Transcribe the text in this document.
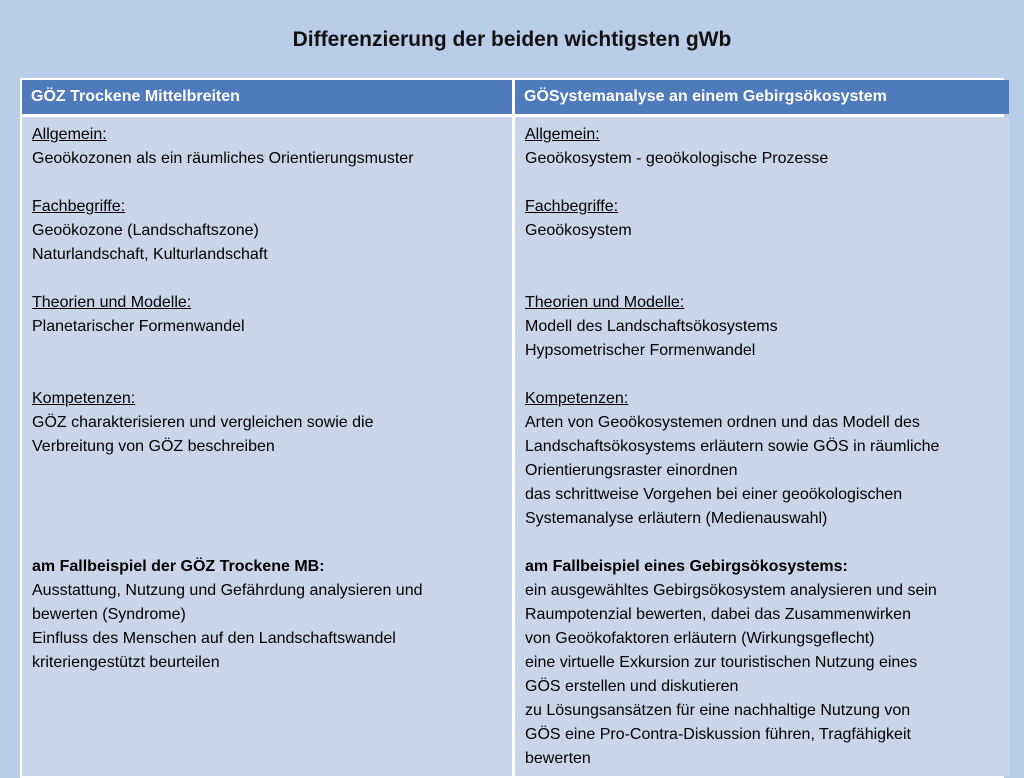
Differenzierung der beiden wichtigsten gWb
GÖZ Trockene Mittelbreiten	GÖSystemanalyse an einem Gebirgsökosystem
Allgemein:
Geoökozonen als ein räumliches Orientierungsmuster
Fachbegriffe:
Geoökozone (Landschaftszone)
Naturlandschaft, Kulturlandschaft
Theorien und Modelle:
Planetarischer Formenwandel
Kompetenzen:
GÖZ charakterisieren und vergleichen sowie die
Verbreitung von GÖZ beschreiben
am Fallbeispiel der GÖZ Trockene MB:
Ausstattung, Nutzung und Gefährdung analysieren und
bewerten (Syndrome)
Einfluss des Menschen auf den Landschaftswandel
kriteriengestützt beurteilen
Allgemein:
Geoökosystem - geoökologische Prozesse
Fachbegriffe:
Geoökosystem
Theorien und Modelle:
Modell des Landschaftsökosystems
Hypsometrischer Formenwandel
Kompetenzen:
Arten von Geoökosystemen ordnen und das Modell des
Landschaftsökosystems erläutern sowie GÖS in räumliche
Orientierungsraster einordnen
das schrittweise Vorgehen bei einer geoökologischen
Systemanalyse erläutern (Medienauswahl)
am Fallbeispiel eines Gebirgsökosystems:
ein ausgewähltes Gebirgsökosystem analysieren und sein
Raumpotenzial bewerten, dabei das Zusammenwirken
von Geoökofaktoren erläutern (Wirkungsgeflecht)
eine virtuelle Exkursion zur touristischen Nutzung eines
GÖS erstellen und diskutieren
zu Lösungsansätzen für eine nachhaltige Nutzung von
GÖS eine Pro-Contra-Diskussion führen, Tragfähigkeit
bewerten
